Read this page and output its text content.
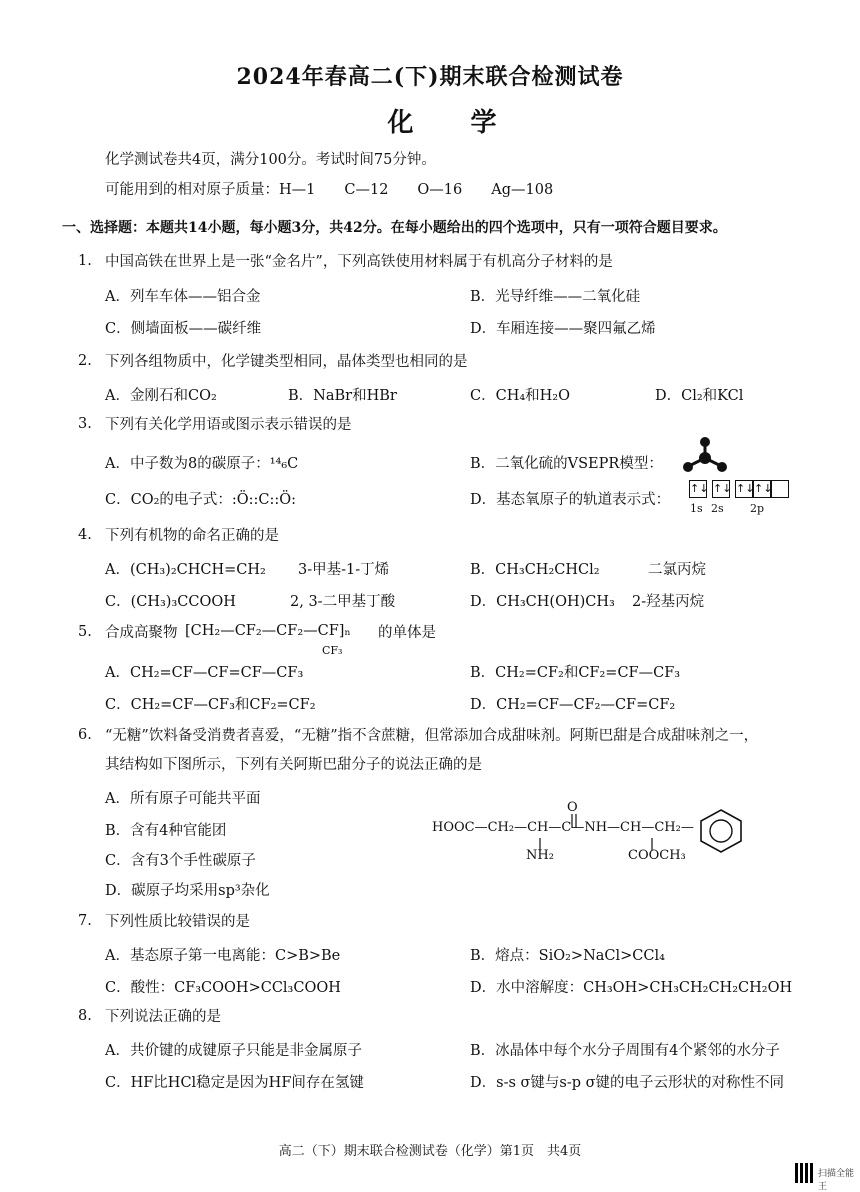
2024年春高二(下)期末联合检测试卷
化 学
化学测试卷共4页，满分100分。考试时间75分钟。
可能用到的相对原子质量：H—1　　C—12　　O—16　　Ag—108
一、选择题：本题共14小题，每小题3分，共42分。在每小题给出的四个选项中，只有一项符合题目要求。
1. 中国高铁在世界上是一张“金名片”，下列高铁使用材料属于有机高分子材料的是
A．列车车体——铝合金	B．光导纤维——二氧化硅
C．侧墙面板——碳纤维	D．车厢连接——聚四氟乙烯
2. 下列各组物质中，化学键类型相同，晶体类型也相同的是
A．金刚石和CO₂	B．NaBr和HBr	C．CH₄和H₂O	D．Cl₂和KCl
3. 下列有关化学用语或图示表示错误的是
A．中子数为8的碳原子：¹⁴₆C	B．二氧化硫的VSEPR模型：
C．CO₂的电子式：:Ö::C::Ö:	D．基态氧原子的轨道表示式：
↑↓ ↑↓ ↑↓ ↑↓
1s 2s 2p
4. 下列有机物的命名正确的是
A．(CH₃)₂CHCH=CH₂ 3-甲基-1-丁烯	B．CH₃CH₂CHCl₂	二氯丙烷
C．(CH₃)₃CCOOH	2, 3-二甲基丁酸	D．CH₃CH(OH)CH₃ 2-羟基丙烷
5. 合成高聚物 [CH₂—CF₂—CF₂—CF]ₙ
CF₃
的单体是
A．CH₂=CF—CF=CF—CF₃	B．CH₂=CF₂和CF₂=CF—CF₃
C．CH₂=CF—CF₃和CF₂=CF₂	D．CH₂=CF—CF₂—CF=CF₂
6. “无糖”饮料备受消费者喜爱，“无糖”指不含蔗糖，但常添加合成甜味剂。阿斯巴甜是合成甜味剂之一，
其结构如下图所示，下列有关阿斯巴甜分子的说法正确的是
A．所有原子可能共平面
B．含有4种官能团
C．含有3个手性碳原子
D．碳原子均采用sp³杂化
O
HOOC—CH₂—CH—C—NH—CH—CH₂—
NH₂	COOCH₃
7. 下列性质比较错误的是
A．基态原子第一电离能：C>B>Be	B．熔点：SiO₂>NaCl>CCl₄
C．酸性：CF₃COOH>CCl₃COOH	D．水中溶解度：CH₃OH>CH₃CH₂CH₂CH₂OH
8. 下列说法正确的是
A．共价键的成键原子只能是非金属原子	B．冰晶体中每个水分子周围有4个紧邻的水分子
C．HF比HCl稳定是因为HF间存在氢键	D．s-s σ键与s-p σ键的电子云形状的对称性不同
高二（下）期末联合检测试卷（化学）第1页　共4页
扫描全能王
